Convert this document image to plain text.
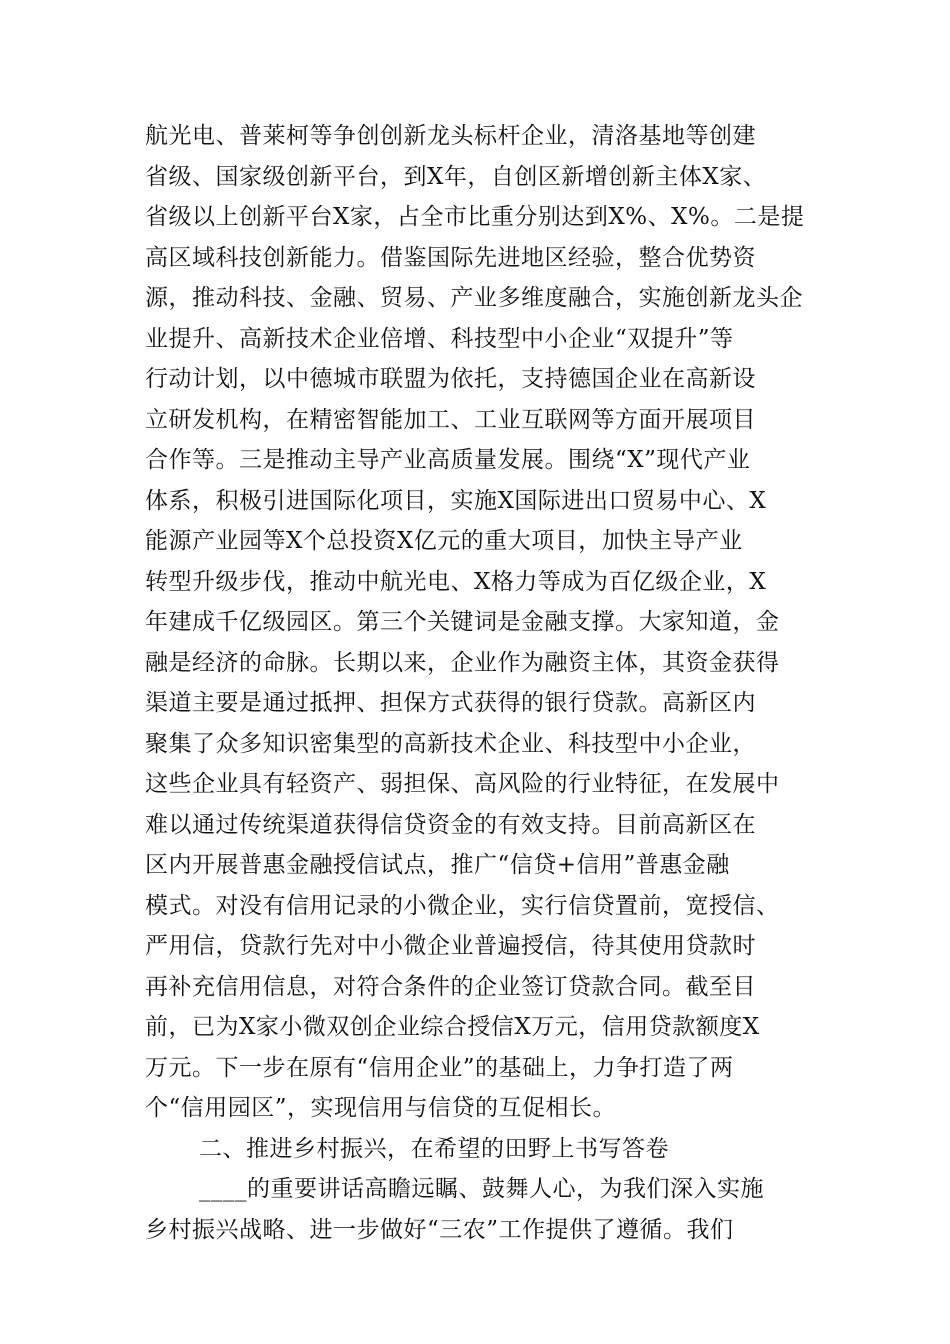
航光电、普莱柯等争创创新龙头标杆企业，清洛基地等创建
省级、国家级创新平台，到X年，自创区新增创新主体X家、
省级以上创新平台X家，占全市比重分别达到X%、X%。二是提
高区域科技创新能力。借鉴国际先进地区经验，整合优势资
源，推动科技、金融、贸易、产业多维度融合，实施创新龙头企
业提升、高新技术企业倍增、科技型中小企业“双提升”等
行动计划，以中德城市联盟为依托，支持德国企业在高新设
立研发机构，在精密智能加工、工业互联网等方面开展项目
合作等。三是推动主导产业高质量发展。围绕“X”现代产业
体系，积极引进国际化项目，实施X国际进出口贸易中心、X
能源产业园等X个总投资X亿元的重大项目，加快主导产业
转型升级步伐，推动中航光电、X格力等成为百亿级企业，X
年建成千亿级园区。第三个关键词是金融支撑。大家知道，金
融是经济的命脉。长期以来，企业作为融资主体，其资金获得
渠道主要是通过抵押、担保方式获得的银行贷款。高新区内
聚集了众多知识密集型的高新技术企业、科技型中小企业，
这些企业具有轻资产、弱担保、高风险的行业特征，在发展中
难以通过传统渠道获得信贷资金的有效支持。目前高新区在
区内开展普惠金融授信试点，推广“信贷+信用”普惠金融
模式。对没有信用记录的小微企业，实行信贷置前，宽授信、
严用信，贷款行先对中小微企业普遍授信，待其使用贷款时
再补充信用信息，对符合条件的企业签订贷款合同。截至目
前，已为X家小微双创企业综合授信X万元，信用贷款额度X
万元。下一步在原有“信用企业”的基础上，力争打造了两
个“信用园区”，实现信用与信贷的互促相长。
二、推进乡村振兴，在希望的田野上书写答卷
____的重要讲话高瞻远瞩、鼓舞人心，为我们深入实施
乡村振兴战略、进一步做好“三农”工作提供了遵循。我们
